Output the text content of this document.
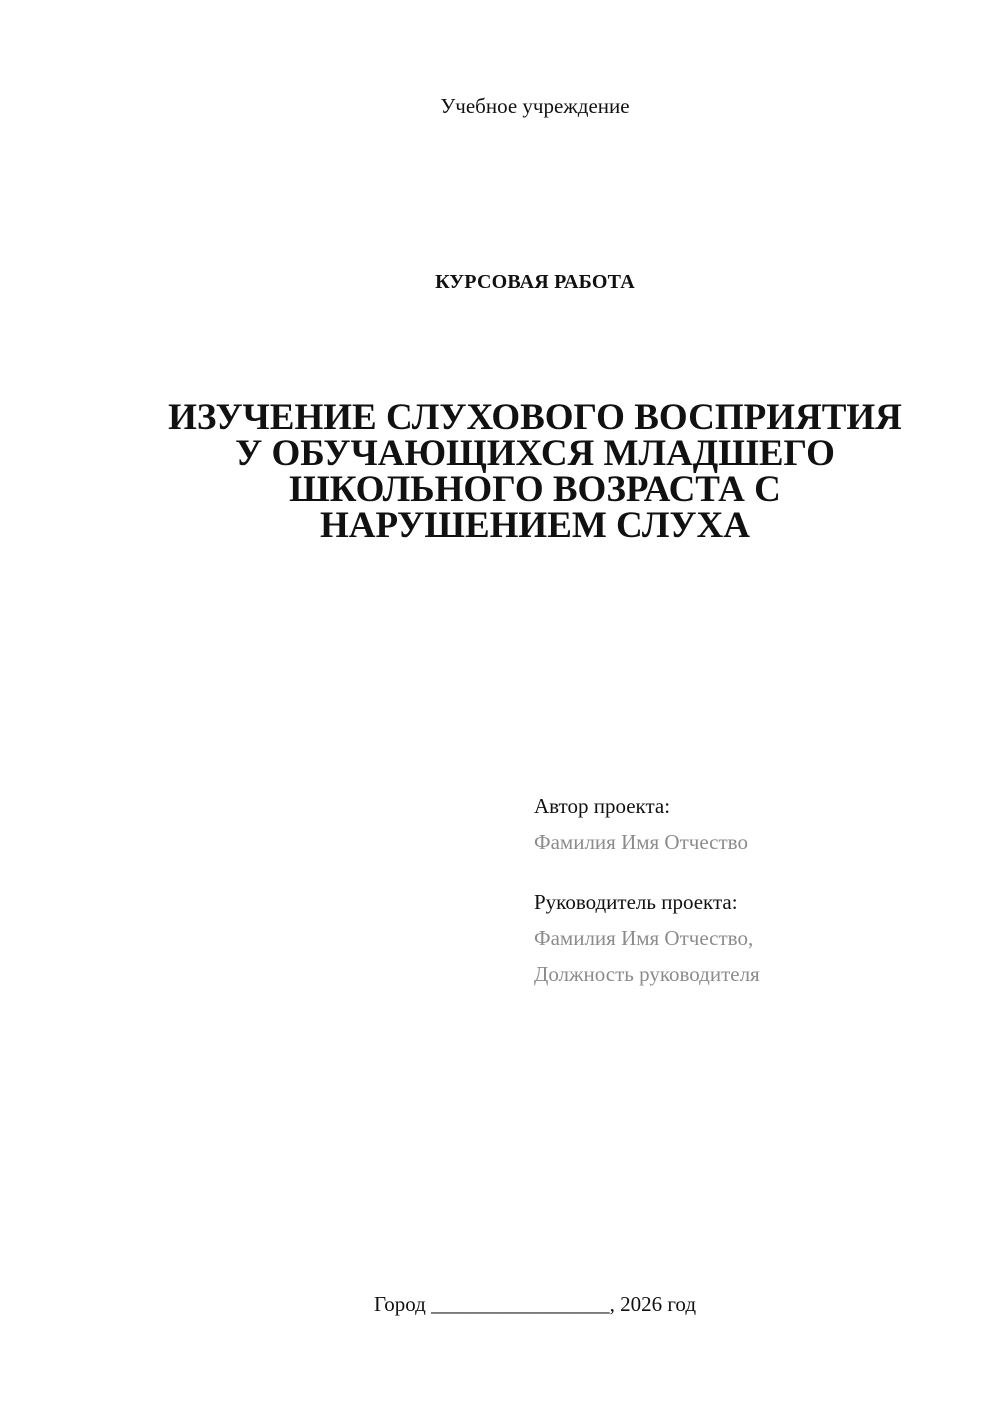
Учебное учреждение
КУРСОВАЯ РАБОТА
ИЗУЧЕНИЕ СЛУХОВОГО ВОСПРИЯТИЯ
У ОБУЧАЮЩИХСЯ МЛАДШЕГО
ШКОЛЬНОГО ВОЗРАСТА С
НАРУШЕНИЕМ СЛУХА
Автор проекта:
Фамилия Имя Отчество
Руководитель проекта:
Фамилия Имя Отчество,
Должность руководителя
Город _________________, 2026 год
